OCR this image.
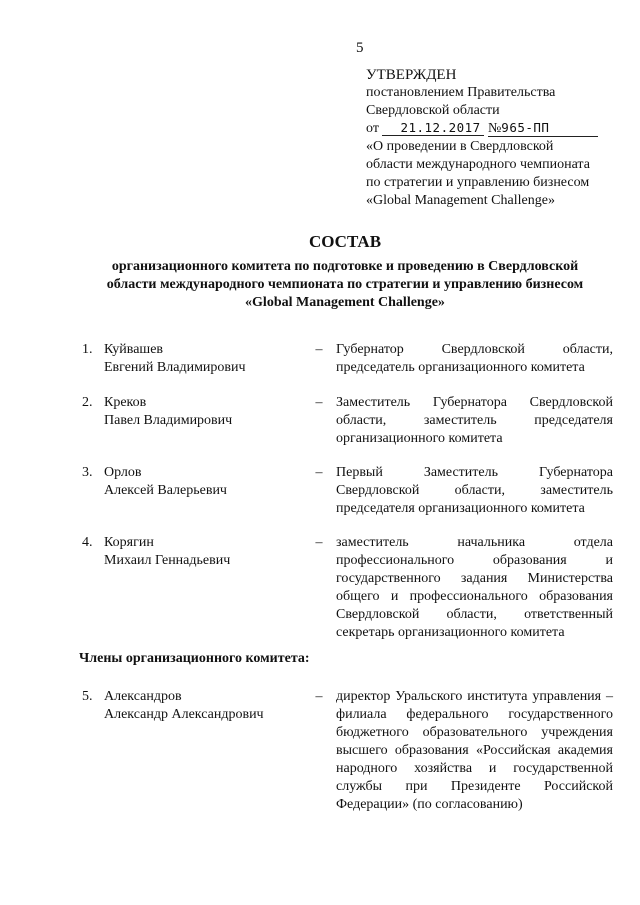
5
УТВЕРЖДЕН
постановлением Правительства
Свердловской области
от 21.12.2017 №965-ПП
«О проведении в Свердловской
области международного чемпионата
по стратегии и управлению бизнесом
«Global Management Challenge»
СОСТАВ
организационного комитета по подготовке и проведению в Свердловской
области международного чемпионата по стратегии и управлению бизнесом
«Global Management Challenge»
1. Куйвашев
Евгений Владимирович
– Губернатор Свердловской области, председатель организационного комитета
2. Креков
Павел Владимирович
– Заместитель Губернатора Свердловской области, заместитель председателя организационного комитета
3. Орлов
Алексей Валерьевич
– Первый Заместитель Губернатора Свердловской области, заместитель председателя организационного комитета
4. Корягин
Михаил Геннадьевич
– заместитель начальника отдела профессионального образования и государственного задания Министерства общего и профессионального образования Свердловской области, ответственный секретарь организационного комитета
Члены организационного комитета:
5. Александров
Александр Александрович
– директор Уральского института управления – филиала федерального государственного бюджетного образовательного учреждения высшего образования «Российская академия народного хозяйства и государственной службы при Президенте Российской Федерации» (по согласованию)
